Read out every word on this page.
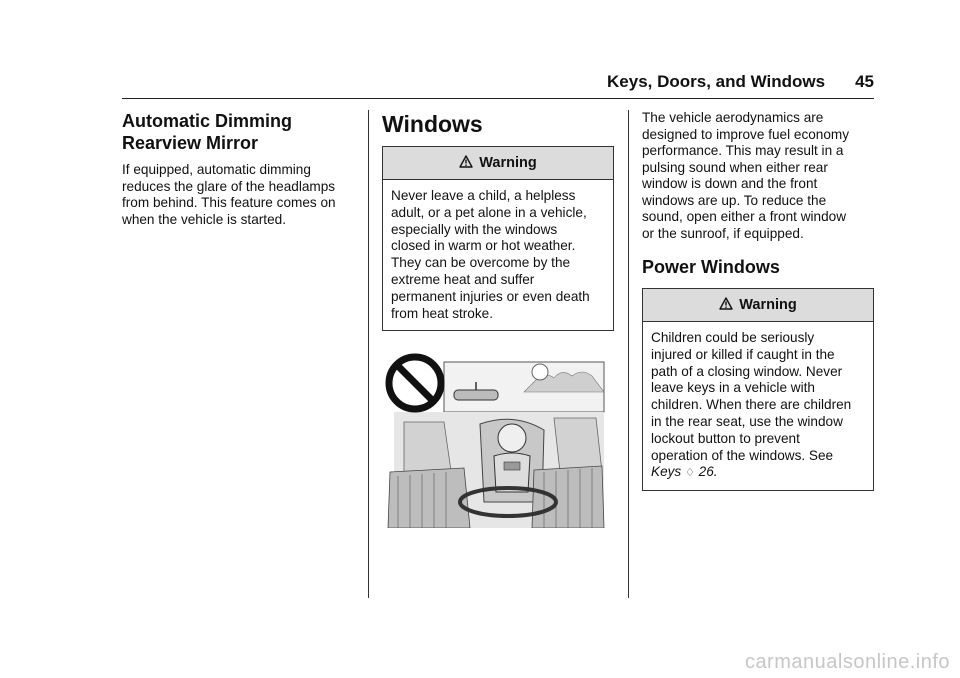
Keys, Doors, and Windows 45
Automatic Dimming
Rearview Mirror

If equipped, automatic dimming reduces the glare of the headlamps from behind. This feature comes on when the vehicle is started.

Windows
Warning
Never leave a child, a helpless
adult, or a pet alone in a vehicle,
especially with the windows
closed in warm or hot weather.
They can be overcome by the
extreme heat and suffer
permanent injuries or even death
from heat stroke.
The vehicle aerodynamics are
designed to improve fuel economy
performance. This may result in a
pulsing sound when either rear
window is down and the front
windows are up. To reduce the
sound, open either a front window
or the sunroof, if equipped.
Power Windows
Warning
Children could be seriously
injured or killed if caught in the
path of a closing window. Never
leave keys in a vehicle with
children. When there are children
in the rear seat, use the window
lockout button to prevent
operation of the windows. See
Keys ♢ 26.
carmanualsonline.info
